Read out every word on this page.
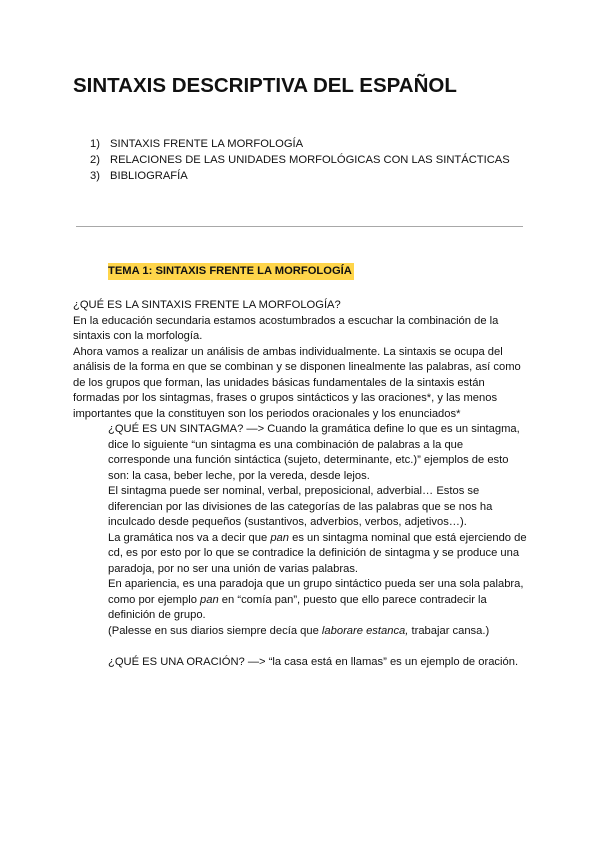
SINTAXIS DESCRIPTIVA DEL ESPAÑOL
1) SINTAXIS FRENTE LA MORFOLOGÍA
2) RELACIONES DE LAS UNIDADES MORFOLÓGICAS CON LAS SINTÁCTICAS
3) BIBLIOGRAFÍA
TEMA 1: SINTAXIS FRENTE LA MORFOLOGÍA

¿QUÉ ES LA SINTAXIS FRENTE LA MORFOLOGÍA?

En la educación secundaria estamos acostumbrados a escuchar la combinación de la sintaxis con la morfología.

Ahora vamos a realizar un análisis de ambas individualmente. La sintaxis se ocupa del análisis de la forma en que se combinan y se disponen linealmente las palabras, así como de los grupos que forman, las unidades básicas fundamentales de la sintaxis están formadas por los sintagmas, frases o grupos sintácticos y las oraciones*, y las menos importantes que la constituyen son los periodos oracionales y los enunciados*

¿QUÉ ES UN SINTAGMA? —> Cuando la gramática define lo que es un sintagma, dice lo siguiente “un sintagma es una combinación de palabras a la que corresponde una función sintáctica (sujeto, determinante, etc.)” ejemplos de esto son: la casa, beber leche, por la vereda, desde lejos.

El sintagma puede ser nominal, verbal, preposicional, adverbial… Estos se diferencian por las divisiones de las categorías de las palabras que se nos ha inculcado desde pequeños (sustantivos, adverbios, verbos, adjetivos…).

La gramática nos va a decir que pan es un sintagma nominal que está ejerciendo de cd, es por esto por lo que se contradice la definición de sintagma y se produce una paradoja, por no ser una unión de varias palabras.

En apariencia, es una paradoja que un grupo sintáctico pueda ser una sola palabra, como por ejemplo pan en “comía pan”, puesto que ello parece contradecir la definición de grupo.

(Palesse en sus diarios siempre decía que laborare estanca, trabajar cansa.)

¿QUÉ ES UNA ORACIÓN? —> “la casa está en llamas” es un ejemplo de oración.
